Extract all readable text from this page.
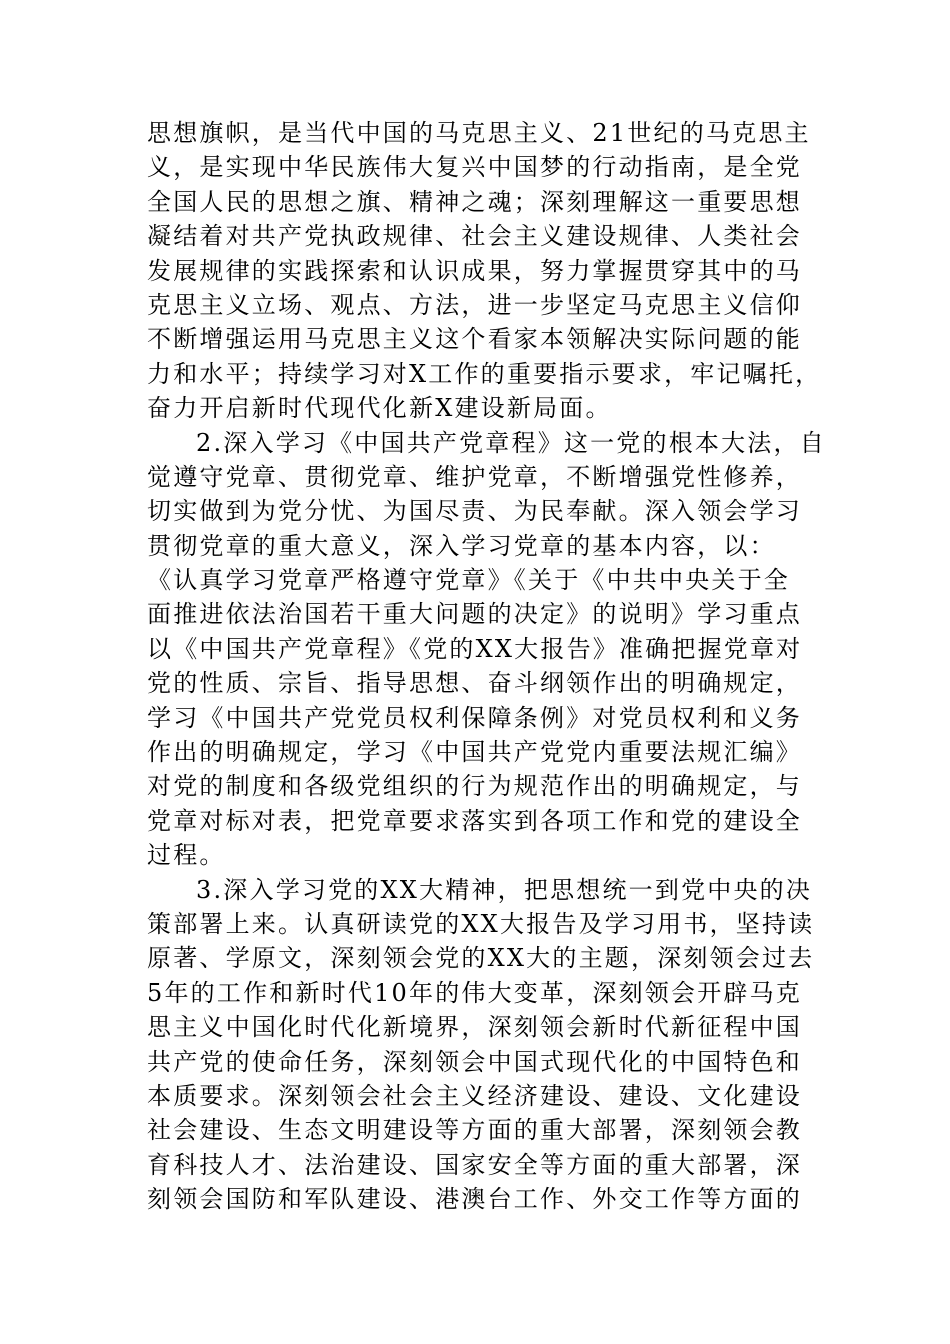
思想旗帜，是当代中国的马克思主义、21世纪的马克思主
义，是实现中华民族伟大复兴中国梦的行动指南，是全党
全国人民的思想之旗、精神之魂；深刻理解这一重要思想
凝结着对共产党执政规律、社会主义建设规律、人类社会
发展规律的实践探索和认识成果，努力掌握贯穿其中的马
克思主义立场、观点、方法，进一步坚定马克思主义信仰
不断增强运用马克思主义这个看家本领解决实际问题的能
力和水平；持续学习对X工作的重要指示要求，牢记嘱托，
奋力开启新时代现代化新X建设新局面。
2.深入学习《中国共产党章程》这一党的根本大法，自
觉遵守党章、贯彻党章、维护党章，不断增强党性修养，
切实做到为党分忧、为国尽责、为民奉献。深入领会学习
贯彻党章的重大意义，深入学习党章的基本内容，以：
《认真学习党章严格遵守党章》《关于《中共中央关于全
面推进依法治国若干重大问题的决定》的说明》学习重点
以《中国共产党章程》《党的XX大报告》准确把握党章对
党的性质、宗旨、指导思想、奋斗纲领作出的明确规定，
学习《中国共产党党员权利保障条例》对党员权利和义务
作出的明确规定，学习《中国共产党党内重要法规汇编》
对党的制度和各级党组织的行为规范作出的明确规定，与
党章对标对表，把党章要求落实到各项工作和党的建设全
过程。
3.深入学习党的XX大精神，把思想统一到党中央的决
策部署上来。认真研读党的XX大报告及学习用书，坚持读
原著、学原文，深刻领会党的XX大的主题，深刻领会过去
5年的工作和新时代10年的伟大变革，深刻领会开辟马克
思主义中国化时代化新境界，深刻领会新时代新征程中国
共产党的使命任务，深刻领会中国式现代化的中国特色和
本质要求。深刻领会社会主义经济建设、建设、文化建设
社会建设、生态文明建设等方面的重大部署，深刻领会教
育科技人才、法治建设、国家安全等方面的重大部署，深
刻领会国防和军队建设、港澳台工作、外交工作等方面的
